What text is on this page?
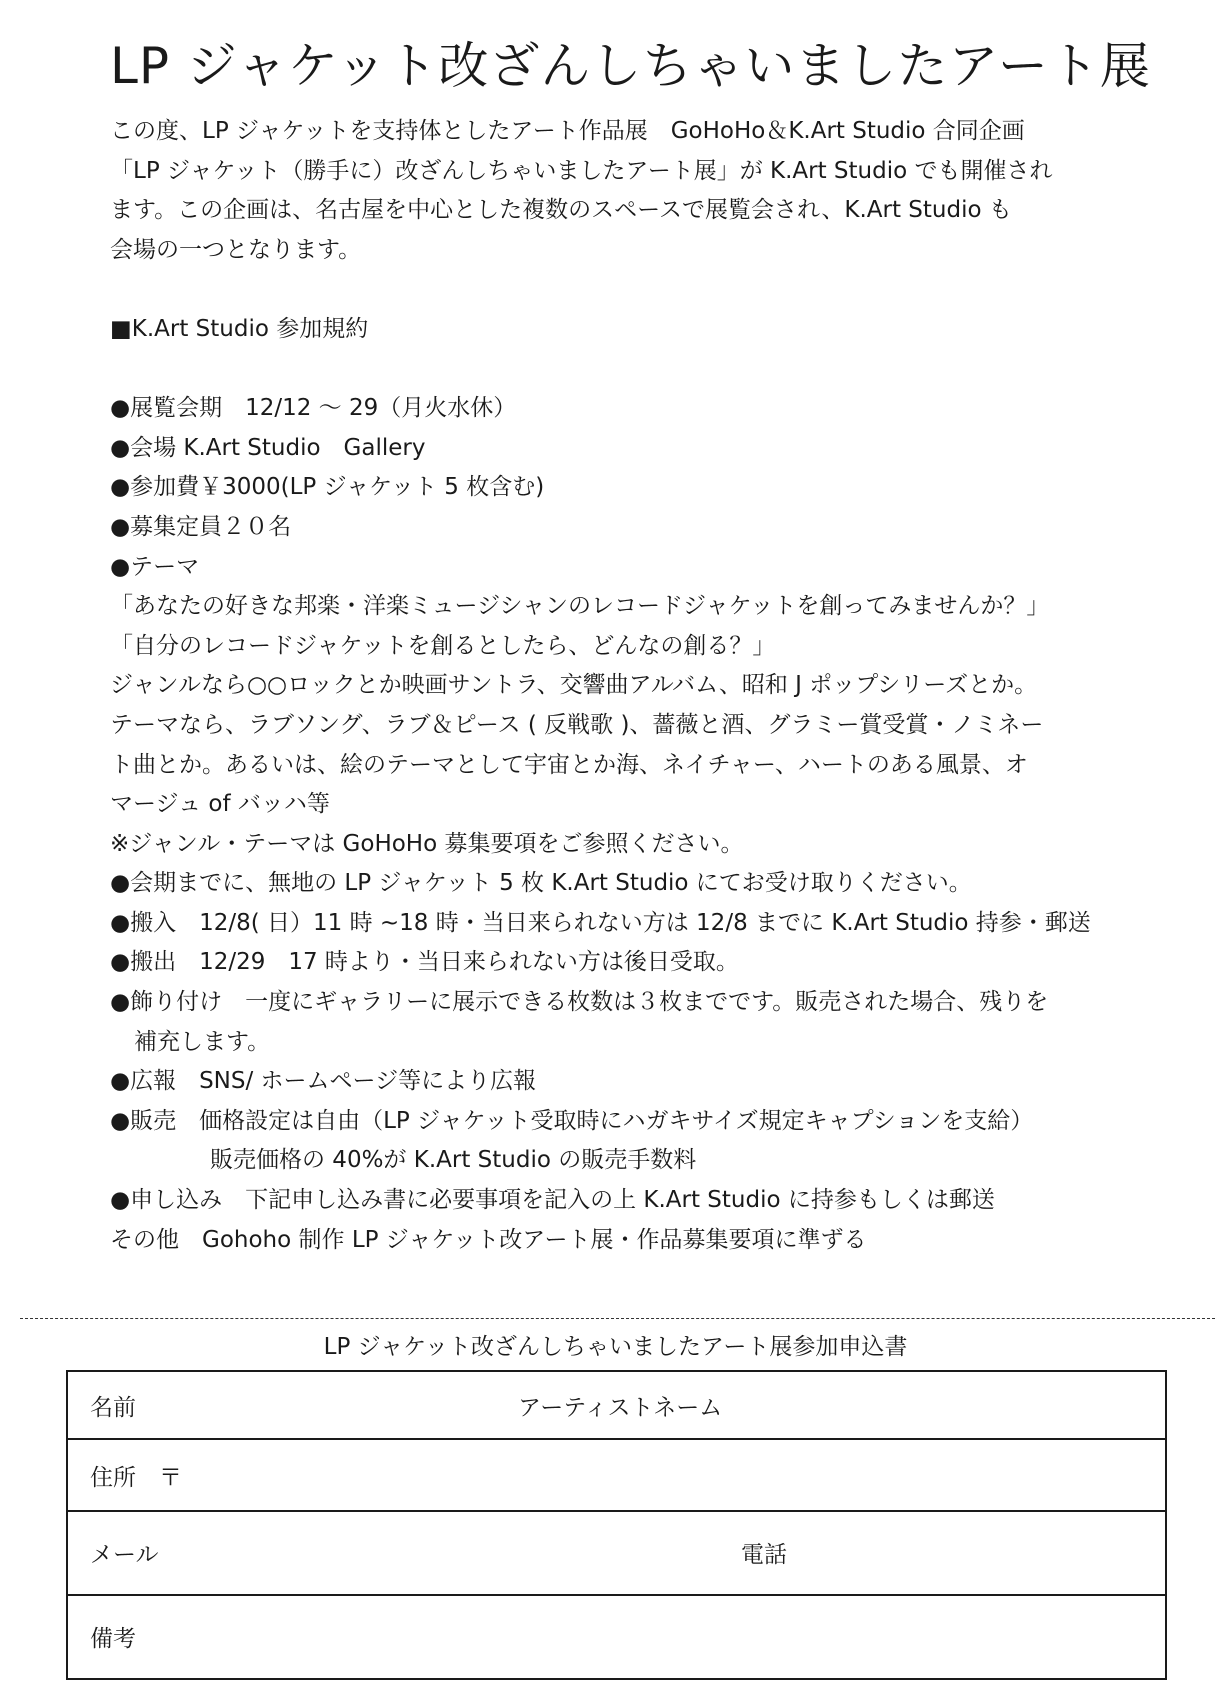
LP ジャケット改ざんしちゃいましたアート展
この度、LP ジャケットを支持体としたアート作品展　GoHoHo＆K.Art Studio 合同企画
「LP ジャケット（勝手に）改ざんしちゃいましたアート展」が K.Art Studio でも開催され
ます。この企画は、名古屋を中心とした複数のスペースで展覧会され、K.Art Studio も
会場の一つとなります。
■K.Art Studio 参加規約
●展覧会期　12/12 ～ 29（月火水休）
●会場 K.Art Studio　Gallery
●参加費￥3000(LP ジャケット 5 枚含む)
●募集定員２０名
●テーマ
「あなたの好きな邦楽・洋楽ミュージシャンのレコードジャケットを創ってみませんか？」
「自分のレコードジャケットを創るとしたら、どんなの創る？」
ジャンルなら○○ロックとか映画サントラ、交響曲アルバム、昭和 J ポップシリーズとか。
テーマなら、ラブソング、ラブ＆ピース ( 反戦歌 )、薔薇と酒、グラミー賞受賞・ノミネー
ト曲とか。あるいは、絵のテーマとして宇宙とか海、ネイチャー、ハートのある風景、オ
マージュ of バッハ等
※ジャンル・テーマは GoHoHo 募集要項をご参照ください。
●会期までに、無地の LP ジャケット 5 枚 K.Art Studio にてお受け取りください。
●搬入　12/8( 日）11 時 ~18 時・当日来られない方は 12/8 までに K.Art Studio 持参・郵送
●搬出　12/29　17 時より・当日来られない方は後日受取。
●飾り付け　一度にギャラリーに展示できる枚数は３枚までです。販売された場合、残りを
補充します。
●広報　SNS/ ホームページ等により広報
●販売　価格設定は自由（LP ジャケット受取時にハガキサイズ規定キャプションを支給）
販売価格の 40%が K.Art Studio の販売手数料
●申し込み　下記申し込み書に必要事項を記入の上 K.Art Studio に持参もしくは郵送
その他　Gohoho 制作 LP ジャケット改アート展・作品募集要項に準ずる
LP ジャケット改ざんしちゃいましたアート展参加申込書
名前	アーティストネーム
住所　〒
メール	電話
備考
